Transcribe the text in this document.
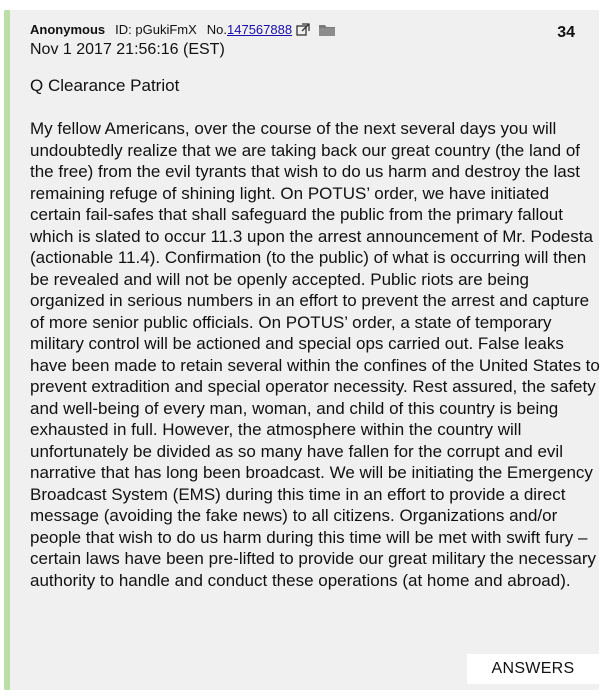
Anonymous ID: pGukiFmX No. 147567888	34
Nov 1 2017 21:56:16 (EST)
Q Clearance Patriot

My fellow Americans, over the course of the next several days you will undoubtedly realize that we are taking back our great country (the land of the free) from the evil tyrants that wish to do us harm and destroy the last remaining refuge of shining light. On POTUS’ order, we have initiated certain fail-safes that shall safeguard the public from the primary fallout which is slated to occur 11.3 upon the arrest announcement of Mr. Podesta (actionable 11.4). Confirmation (to the public) of what is occurring will then be revealed and will not be openly accepted. Public riots are being organized in serious numbers in an effort to prevent the arrest and capture of more senior public officials. On POTUS’ order, a state of temporary military control will be actioned and special ops carried out. False leaks have been made to retain several within the confines of the United States to prevent extradition and special operator necessity. Rest assured, the safety and well-being of every man, woman, and child of this country is being exhausted in full. However, the atmosphere within the country will unfortunately be divided as so many have fallen for the corrupt and evil narrative that has long been broadcast. We will be initiating the Emergency Broadcast System (EMS) during this time in an effort to provide a direct message (avoiding the fake news) to all citizens. Organizations and/or people that wish to do us harm during this time will be met with swift fury – certain laws have been pre-lifted to provide our great military the necessary authority to handle and conduct these operations (at home and abroad).

ANSWERS
